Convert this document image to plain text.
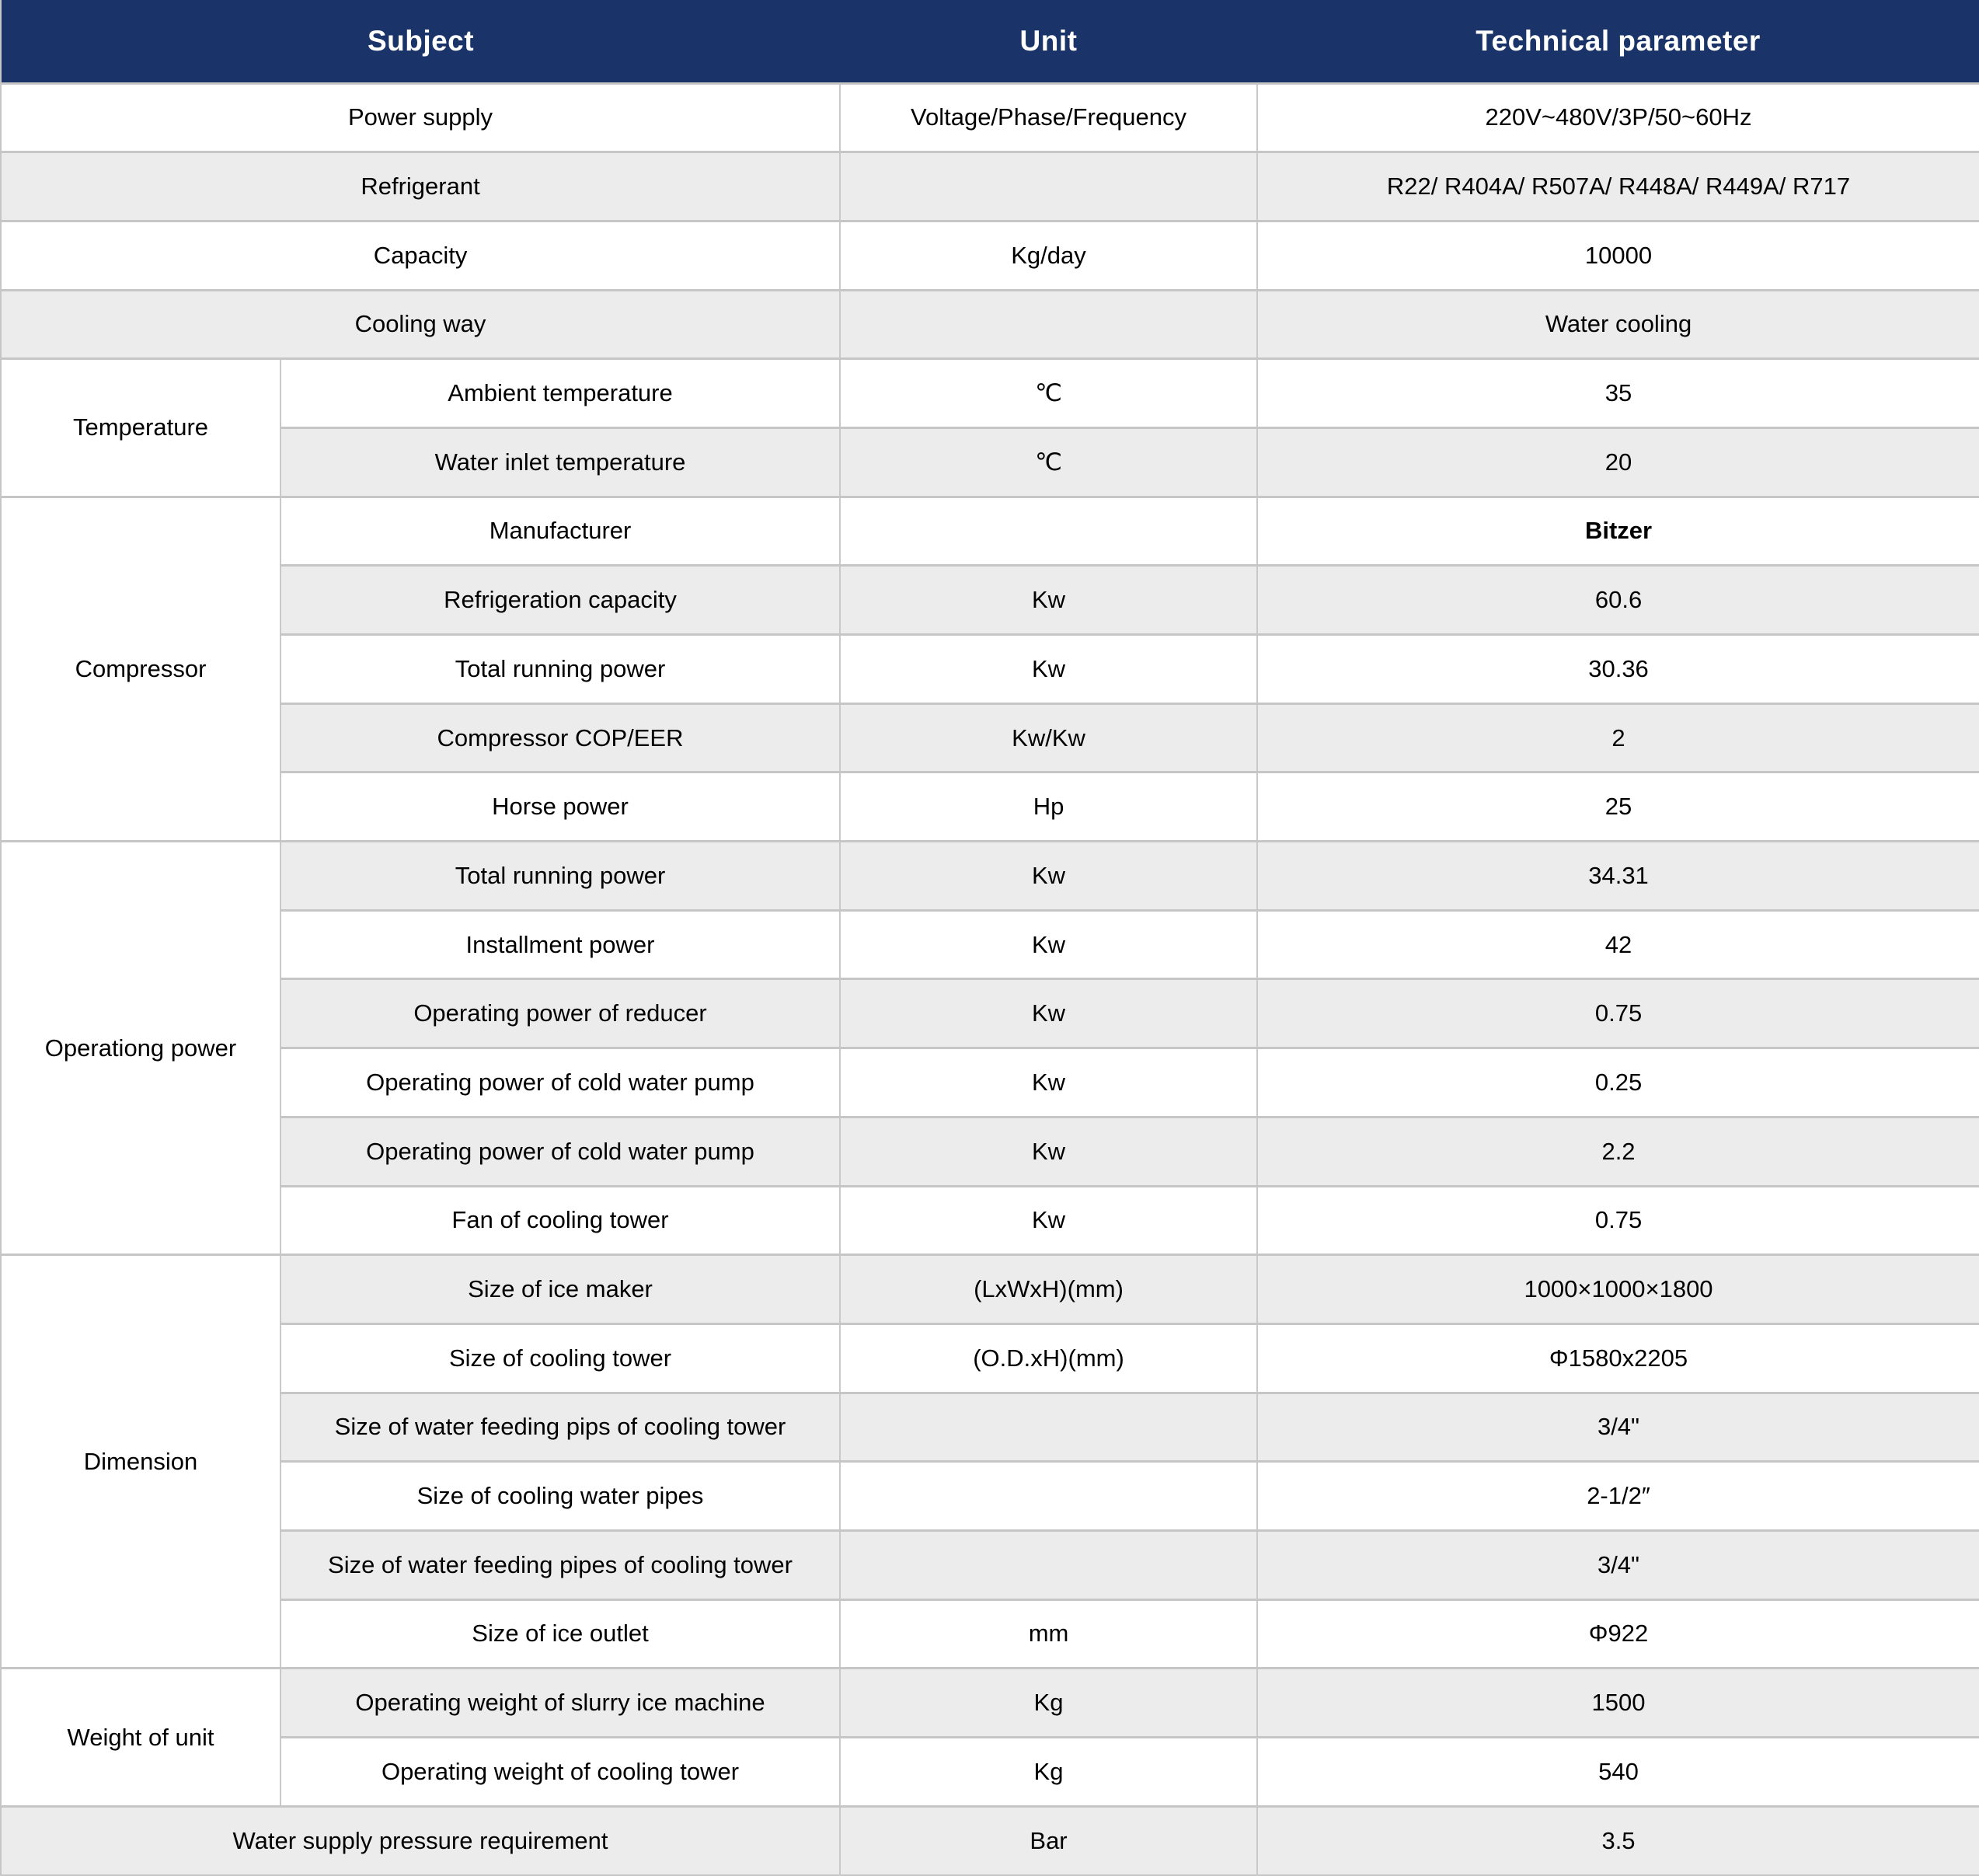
Subject		Unit	Technical parameter
Power supply		Voltage/Phase/Frequency	220V~480V/3P/50~60Hz
Refrigerant			R22/ R404A/ R507A/ R448A/ R449A/ R717
Capacity		Kg/day	10000
Cooling way			Water cooling
Temperature	Ambient temperature	℃	35
	Water inlet temperature	℃	20
Compressor	Manufacturer		Bitzer
	Refrigeration capacity	Kw	60.6
	Total running power	Kw	30.36
	Compressor COP/EER	Kw/Kw	2
	Horse power	Hp	25
Operationg power	Total running power	Kw	34.31
	Installment power	Kw	42
	Operating power of reducer	Kw	0.75
	Operating power of cold water pump	Kw	0.25
	Operating power of cold water pump	Kw	2.2
	Fan of cooling tower	Kw	0.75
Dimension	Size of ice maker	(LxWxH)(mm)	1000×1000×1800
	Size of cooling tower	(O.D.xH)(mm)	Φ1580x2205
	Size of water feeding pips of cooling tower		3/4"
	Size of cooling water pipes		2-1/2″
	Size of water feeding pipes of cooling tower		3/4"
	Size of ice outlet	mm	Φ922
Weight of unit	Operating weight of slurry ice machine	Kg	1500
	Operating weight of cooling tower	Kg	540
Water supply pressure requirement		Bar	3.5
